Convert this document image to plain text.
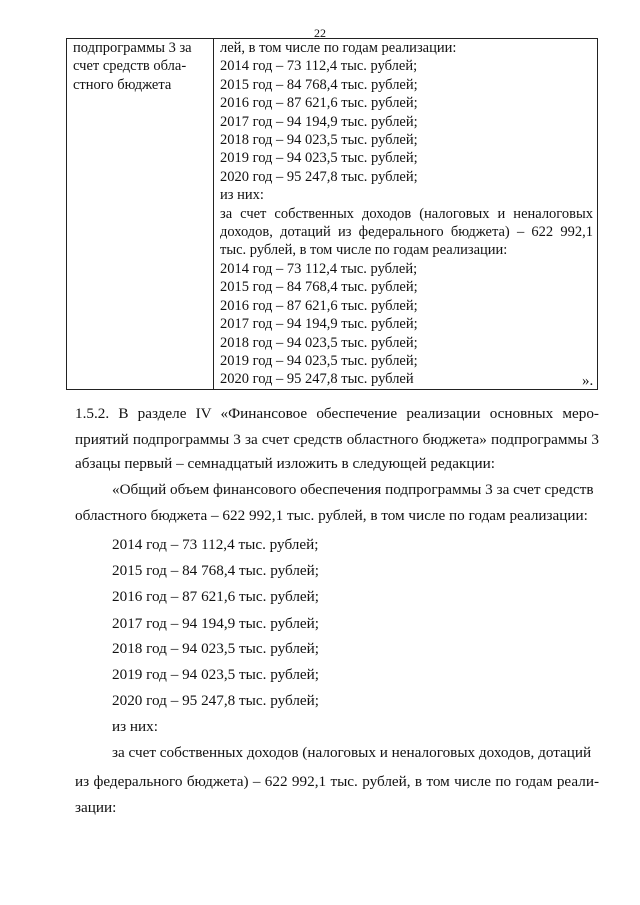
22
подпрограммы 3 за
счет средств обла-
стного бюджета

лей, в том числе по годам реализации:
2014 год – 73 112,4 тыс. рублей;
2015 год – 84 768,4 тыс. рублей;
2016 год – 87 621,6 тыс. рублей;
2017 год – 94 194,9 тыс. рублей;
2018 год – 94 023,5 тыс. рублей;
2019 год – 94 023,5 тыс. рублей;
2020 год – 95 247,8 тыс. рублей;
из них:
за счет собственных доходов (налоговых и неналоговых
доходов, дотаций из федерального бюджета) – 622 992,1
тыс. рублей, в том числе по годам реализации:
2014 год – 73 112,4 тыс. рублей;
2015 год – 84 768,4 тыс. рублей;
2016 год – 87 621,6 тыс. рублей;
2017 год – 94 194,9 тыс. рублей;
2018 год – 94 023,5 тыс. рублей;
2019 год – 94 023,5 тыс. рублей;
2020 год – 95 247,8 тыс. рублей	».
1.5.2. В разделе IV «Финансовое обеспечение реализации основных меро-
приятий подпрограммы 3 за счет средств областного бюджета» подпрограммы 3
абзацы первый – семнадцатый изложить в следующей редакции:
«Общий объем финансового обеспечения подпрограммы 3 за счет средств
областного бюджета – 622 992,1 тыс. рублей, в том числе по годам реализации:
2014 год – 73 112,4 тыс. рублей;
2015 год – 84 768,4 тыс. рублей;
2016 год – 87 621,6 тыс. рублей;
2017 год – 94 194,9 тыс. рублей;
2018 год – 94 023,5 тыс. рублей;
2019 год – 94 023,5 тыс. рублей;
2020 год – 95 247,8 тыс. рублей;
из них:
за счет собственных доходов (налоговых и неналоговых доходов, дотаций
из федерального бюджета) – 622 992,1 тыс. рублей, в том числе по годам реали-
зации:
